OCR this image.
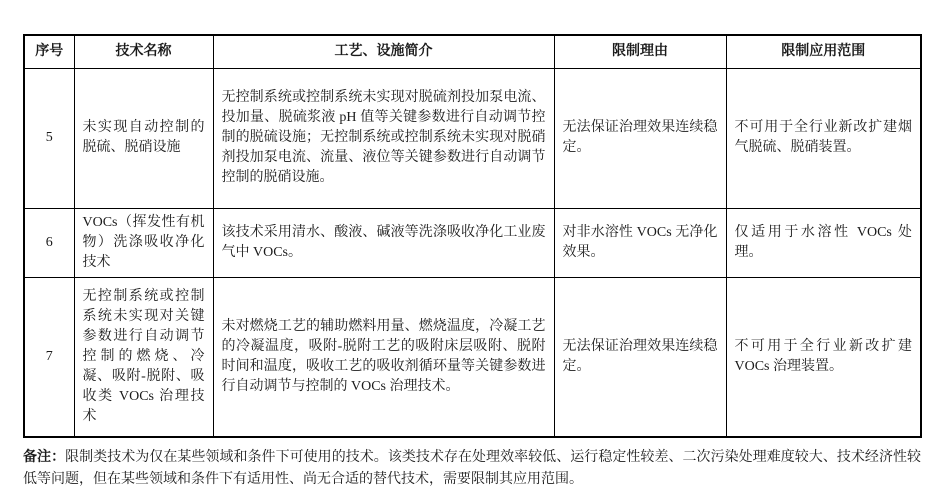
序号	技术名称	工艺、设施简介	限制理由	限制应用范围
5	未实现自动控制的脱硫、脱硝设施	无控制系统或控制系统未实现对脱硫剂投加泵电流、投加量、脱硫浆液 pH 值等关键参数进行自动调节控制的脱硫设施；无控制系统或控制系统未实现对脱硝剂投加泵电流、流量、液位等关键参数进行自动调节控制的脱硝设施。	无法保证治理效果连续稳定。	不可用于全行业新改扩建烟气脱硫、脱硝装置。
6	VOCs（挥发性有机物）洗涤吸收净化技术	该技术采用清水、酸液、碱液等洗涤吸收净化工业废气中 VOCs。	对非水溶性 VOCs 无净化效果。	仅适用于水溶性 VOCs 处理。
7	无控制系统或控制系统未实现对关键参数进行自动调节控制的燃烧、冷凝、吸附-脱附、吸收类 VOCs 治理技术	未对燃烧工艺的辅助燃料用量、燃烧温度，冷凝工艺的冷凝温度，吸附-脱附工艺的吸附床层吸附、脱附时间和温度，吸收工艺的吸收剂循环量等关键参数进行自动调节与控制的 VOCs 治理技术。	无法保证治理效果连续稳定。	不可用于全行业新改扩建 VOCs 治理装置。

备注：限制类技术为仅在某些领域和条件下可使用的技术。该类技术存在处理效率较低、运行稳定性较差、二次污染处理难度较大、技术经济性较低等问题，但在某些领域和条件下有适用性、尚无合适的替代技术，需要限制其应用范围。
